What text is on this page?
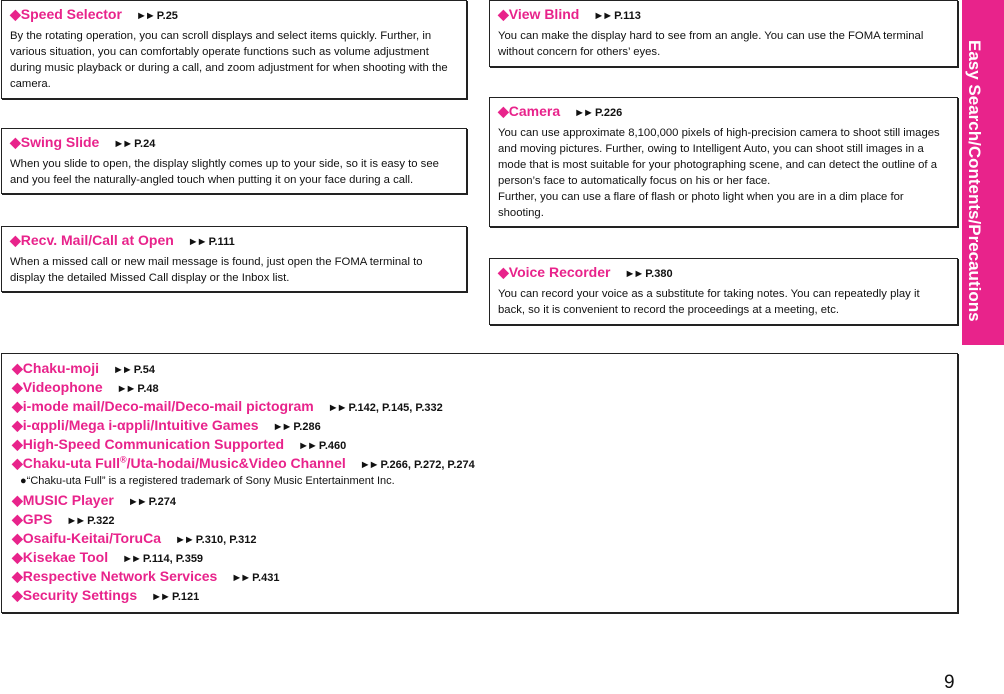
◆Speed Selector ►► P.25
By the rotating operation, you can scroll displays and select items quickly. Further, in various situation, you can comfortably operate functions such as volume adjustment during music playback or during a call, and zoom adjustment for when shooting with the camera.
◆Swing Slide ►► P.24
When you slide to open, the display slightly comes up to your side, so it is easy to see and you feel the naturally-angled touch when putting it on your face during a call.
◆Recv. Mail/Call at Open ►► P.111
When a missed call or new mail message is found, just open the FOMA terminal to display the detailed Missed Call display or the Inbox list.
◆View Blind ►► P.113
You can make the display hard to see from an angle. You can use the FOMA terminal without concern for others’ eyes.
◆Camera ►► P.226
You can use approximate 8,100,000 pixels of high-precision camera to shoot still images and moving pictures. Further, owing to Intelligent Auto, you can shoot still images in a mode that is most suitable for your photographing scene, and can detect the outline of a person’s face to automatically focus on his or her face.
Further, you can use a flare of flash or photo light when you are in a dim place for shooting.
◆Voice Recorder ►► P.380
You can record your voice as a substitute for taking notes. You can repeatedly play it back, so it is convenient to record the proceedings at a meeting, etc.
◆Chaku-moji ►► P.54
◆Videophone ►► P.48
◆i-mode mail/Deco-mail/Deco-mail pictogram ►► P.142, P.145, P.332
◆i-αppli/Mega i-αppli/Intuitive Games ►► P.286
◆High-Speed Communication Supported ►► P.460
◆Chaku-uta Full®/Uta-hodai/Music&Video Channel ►► P.266, P.272, P.274
●“Chaku-uta Full” is a registered trademark of Sony Music Entertainment Inc.
◆MUSIC Player ►► P.274
◆GPS ►► P.322
◆Osaifu-Keitai/ToruCa ►► P.310, P.312
◆Kisekae Tool ►► P.114, P.359
◆Respective Network Services ►► P.431
◆Security Settings ►► P.121
Easy Search/Contents/Precautions
9
